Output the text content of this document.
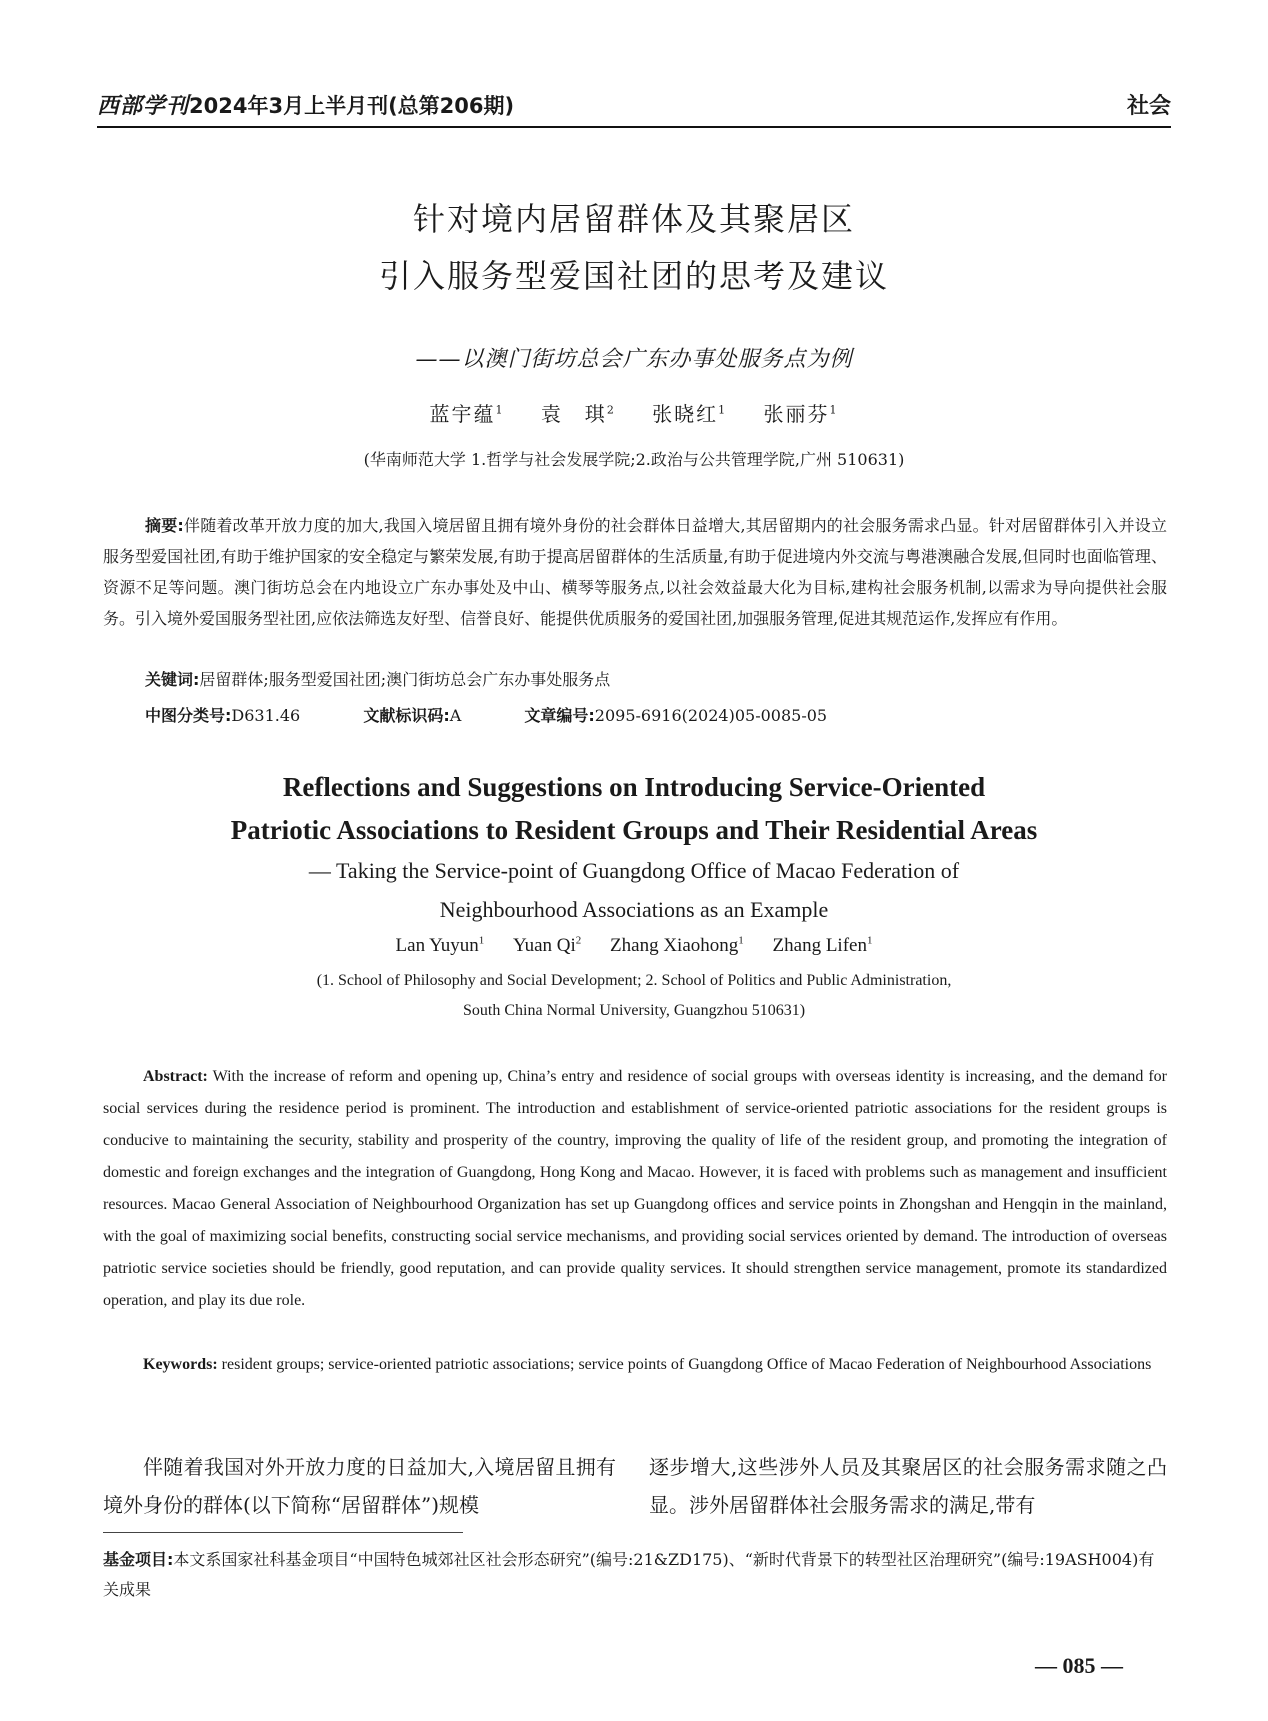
西部学刊 2024年3月上半月刊(总第206期)	社会
针对境内居留群体及其聚居区
引入服务型爱国社团的思考及建议
——以澳门街坊总会广东办事处服务点为例
蓝宇蕴$^1$ 袁　琪$^2$ 张晓红$^1$ 张丽芬$^1$
(华南师范大学 1.哲学与社会发展学院;2.政治与公共管理学院,广州 510631)
摘要:伴随着改革开放力度的加大,我国入境居留且拥有境外身份的社会群体日益增大,其居留期内的社会服务需求凸显。针对居留群体引入并设立服务型爱国社团,有助于维护国家的安全稳定与繁荣发展,有助于提高居留群体的生活质量,有助于促进境内外交流与粤港澳融合发展,但同时也面临管理、资源不足等问题。澳门街坊总会在内地设立广东办事处及中山、横琴等服务点,以社会效益最大化为目标,建构社会服务机制,以需求为导向提供社会服务。引入境外爱国服务型社团,应依法筛选友好型、信誉良好、能提供优质服务的爱国社团,加强服务管理,促进其规范运作,发挥应有作用。
关键词:居留群体;服务型爱国社团;澳门街坊总会广东办事处服务点
中图分类号:D631.46	文献标识码:A	文章编号:2095-6916(2024)05-0085-05
Reflections and Suggestions on Introducing Service-Oriented
Patriotic Associations to Resident Groups and Their Residential Areas
— Taking the Service-point of Guangdong Office of Macao Federation of
Neighbourhood Associations as an Example
Lan Yuyun$^1$ Yuan Qi$^2$ Zhang Xiaohong$^1$ Zhang Lifen$^1$
(1. School of Philosophy and Social Development; 2. School of Politics and Public Administration,
South China Normal University, Guangzhou 510631)
Abstract: With the increase of reform and opening up, China’s entry and residence of social groups with overseas identity is increasing, and the demand for social services during the residence period is prominent. The introduction and establishment of service-oriented patriotic associations for the resident groups is conducive to maintaining the security, stability and prosperity of the country, improving the quality of life of the resident group, and promoting the integration of domestic and foreign exchanges and the integration of Guangdong, Hong Kong and Macao. However, it is faced with problems such as management and insufficient resources. Macao General Association of Neighbourhood Organization has set up Guangdong offices and service points in Zhongshan and Hengqin in the mainland, with the goal of maximizing social benefits, constructing social service mechanisms, and providing social services oriented by demand. The introduction of overseas patriotic service societies should be friendly, good reputation, and can provide quality services. It should strengthen service management, promote its standardized operation, and play its due role.
Keywords: resident groups; service-oriented patriotic associations; service points of Guangdong Office of Macao Federation of Neighbourhood Associations
伴随着我国对外开放力度的日益加大,入境居留且拥有境外身份的群体(以下简称“居留群体”)规模
逐步增大,这些涉外人员及其聚居区的社会服务需求随之凸显。涉外居留群体社会服务需求的满足,带有
基金项目:本文系国家社科基金项目“中国特色城郊社区社会形态研究”(编号:21&ZD175)、“新时代背景下的转型社区治理研究”(编号:19ASH004)有关成果
— 085 —
